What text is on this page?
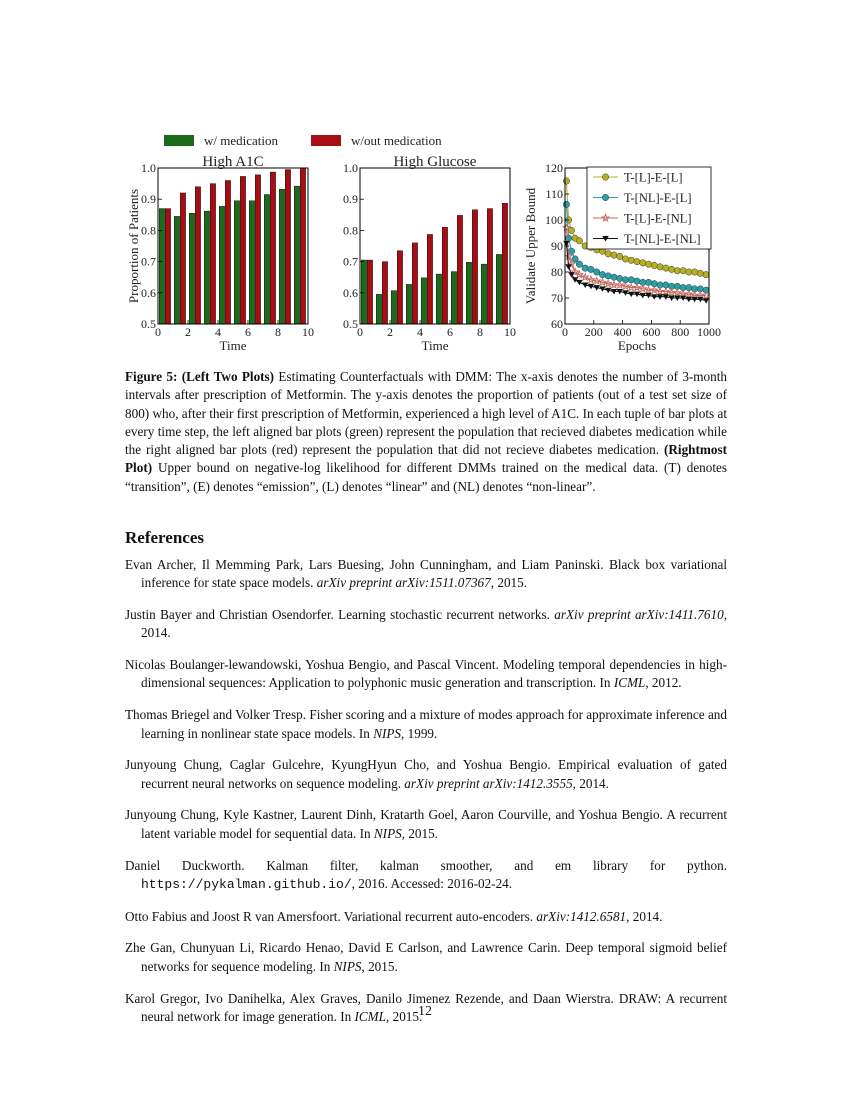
w/ medication	w/out medication
0 2 4 6 8 10
0.5
0.6
0.7
0.8
0.9
1.0	High A1C
Time
Proportion of Patients
0 2 4 6 8 10
0.5
0.6
0.7
0.8
0.9
1.0 High Glucose
Time
0 200 400 600 800 1000
60
70
80
90
100
110
120
Epochs
Validate Upper Bound
T-[L]-E-[L]
T-[NL]-E-[L]
T-[L]-E-[NL]
T-[NL]-E-[NL]
Figure 5: (Left Two Plots) Estimating Counterfactuals with DMM: The x-axis denotes the number of 3-month intervals after prescription of Metformin. The y-axis denotes the proportion of patients (out of a test set size of 800) who, after their first prescription of Metformin, experienced a high level of A1C. In each tuple of bar plots at every time step, the left aligned bar plots (green) represent the population that recieved diabetes medication while the right aligned bar plots (red) represent the population that did not recieve diabetes medication. (Rightmost Plot) Upper bound on negative-log likelihood for different DMMs trained on the medical data. (T) denotes “transition”, (E) denotes “emission”, (L) denotes “linear” and (NL) denotes “non-linear”.
References
Evan Archer, Il Memming Park, Lars Buesing, John Cunningham, and Liam Paninski. Black box variational inference for state space models. arXiv preprint arXiv:1511.07367, 2015.
Justin Bayer and Christian Osendorfer. Learning stochastic recurrent networks. arXiv preprint arXiv:1411.7610, 2014.
Nicolas Boulanger-lewandowski, Yoshua Bengio, and Pascal Vincent. Modeling temporal dependencies in high-dimensional sequences: Application to polyphonic music generation and transcription. In ICML, 2012.
Thomas Briegel and Volker Tresp. Fisher scoring and a mixture of modes approach for approximate inference and learning in nonlinear state space models. In NIPS, 1999.
Junyoung Chung, Caglar Gulcehre, KyungHyun Cho, and Yoshua Bengio. Empirical evaluation of gated recurrent neural networks on sequence modeling. arXiv preprint arXiv:1412.3555, 2014.
Junyoung Chung, Kyle Kastner, Laurent Dinh, Kratarth Goel, Aaron Courville, and Yoshua Bengio. A recurrent latent variable model for sequential data. In NIPS, 2015.
Daniel Duckworth. Kalman filter, kalman smoother, and em library for python. https://pykalman.github.io/, 2016. Accessed: 2016-02-24.
Otto Fabius and Joost R van Amersfoort. Variational recurrent auto-encoders. arXiv:1412.6581, 2014.
Zhe Gan, Chunyuan Li, Ricardo Henao, David E Carlson, and Lawrence Carin. Deep temporal sigmoid belief networks for sequence modeling. In NIPS, 2015.
Karol Gregor, Ivo Danihelka, Alex Graves, Danilo Jimenez Rezende, and Daan Wierstra. DRAW: A recurrent neural network for image generation. In ICML, 2015.
12
